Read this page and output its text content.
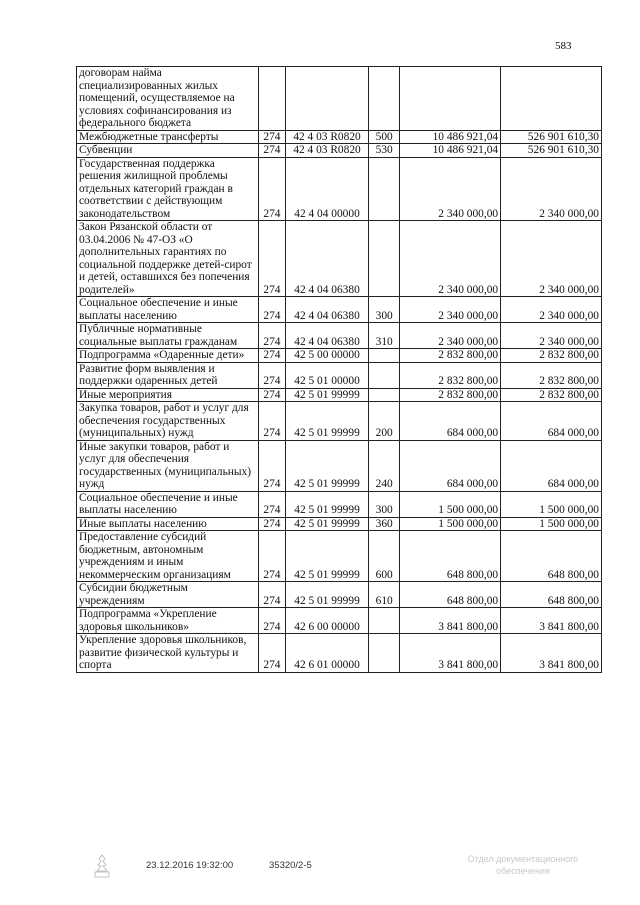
583
договорам найма специализированных жилых помещений, осуществляемое на условиях софинансирования из федерального бюджета					
Межбюджетные трансферты	274	42 4 03 R0820	500	10 486 921,04	526 901 610,30
Субвенции	274	42 4 03 R0820	530	10 486 921,04	526 901 610,30
Государственная поддержка решения жилищной проблемы отдельных категорий граждан в соответствии с действующим законодательством	274	42 4 04 00000		2 340 000,00	2 340 000,00
Закон Рязанской области от 03.04.2006 № 47-ОЗ «О дополнительных гарантиях по социальной поддержке детей-сирот и детей, оставшихся без попечения родителей»	274	42 4 04 06380		2 340 000,00	2 340 000,00
Социальное обеспечение и иные выплаты населению	274	42 4 04 06380	300	2 340 000,00	2 340 000,00
Публичные нормативные социальные выплаты гражданам	274	42 4 04 06380	310	2 340 000,00	2 340 000,00
Подпрограмма «Одаренные дети»	274	42 5 00 00000		2 832 800,00	2 832 800,00
Развитие форм выявления и поддержки одаренных детей	274	42 5 01 00000		2 832 800,00	2 832 800,00
Иные мероприятия	274	42 5 01 99999		2 832 800,00	2 832 800,00
Закупка товаров, работ и услуг для обеспечения государственных (муниципальных) нужд	274	42 5 01 99999	200	684 000,00	684 000,00
Иные закупки товаров, работ и услуг для обеспечения государственных (муниципальных) нужд	274	42 5 01 99999	240	684 000,00	684 000,00
Социальное обеспечение и иные выплаты населению	274	42 5 01 99999	300	1 500 000,00	1 500 000,00
Иные выплаты населению	274	42 5 01 99999	360	1 500 000,00	1 500 000,00
Предоставление субсидий бюджетным, автономным учреждениям и иным некоммерческим организациям	274	42 5 01 99999	600	648 800,00	648 800,00
Субсидии бюджетным учреждениям	274	42 5 01 99999	610	648 800,00	648 800,00
Подпрограмма «Укрепление здоровья школьников»	274	42 6 00 00000		3 841 800,00	3 841 800,00
Укрепление здоровья школьников, развитие физической культуры и спорта	274	42 6 01 00000		3 841 800,00	3 841 800,00
23.12.2016 19:32:00	35320/2-5
Отдел документационного
обеспечения
